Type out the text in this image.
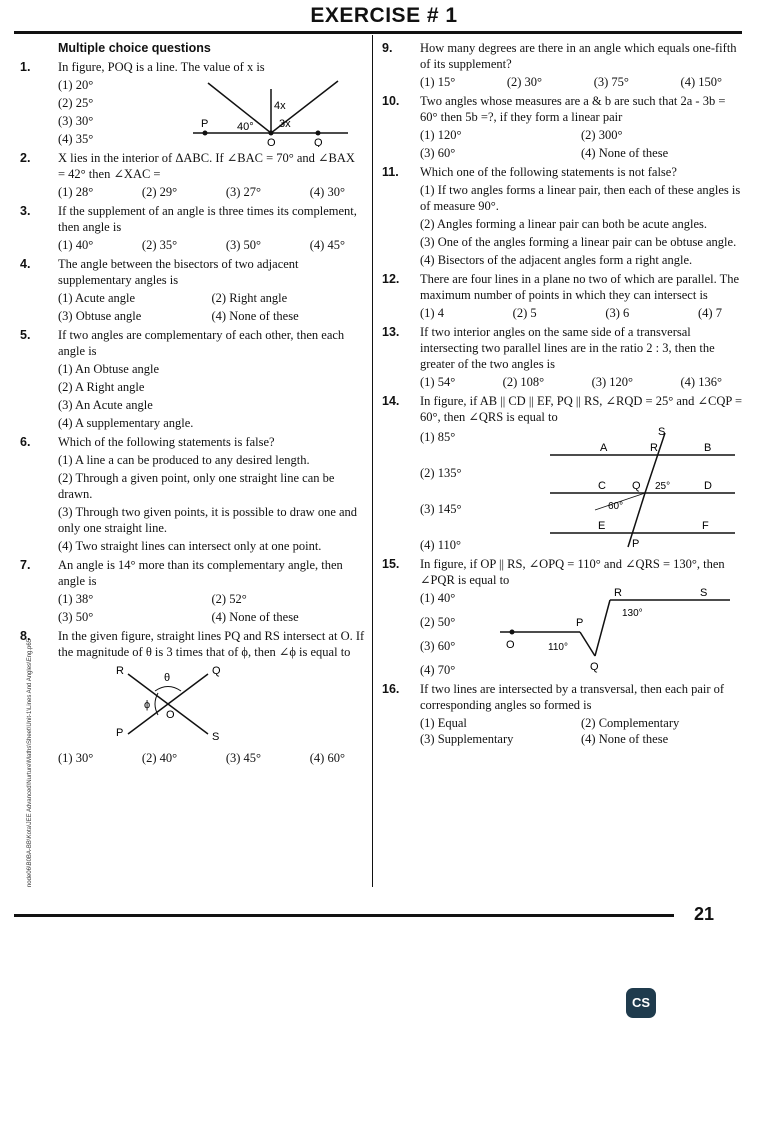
EXERCISE # 1
node06\B0BA-BB\Kota\JEE Advanced\Nurture\Maths\Sheet\Unit-1\Lines And Angles\Eng.p65
Multiple choice questions
1.	In figure, POQ is a line. The value of x is
(1) 20°
(2) 25°
(3) 30°
(4) 35°
4x
40° 3x
P
O	Q
2.	X lies in the interior of ΔABC. If ∠BAC = 70° and ∠BAX = 42° then ∠XAC =
(1) 28°	(2) 29°	(3) 27°	(4) 30°
3.	If the supplement of an angle is three times its complement, then angle is
(1) 40°	(2) 35°	(3) 50°	(4) 45°
4.	The angle between the bisectors of two adjacent supplementary angles is
(1) Acute angle	(2) Right angle
(3) Obtuse angle	(4) None of these
5.	If two angles are complementary of each other, then each angle is
(1) An Obtuse angle
(2) A Right angle
(3) An Acute angle
(4) A supplementary angle.
6.	Which of the following statements is false?
(1) A line a can be produced to any desired length.
(2) Through a given point, only one straight line can be drawn.
(3) Through two given points, it is possible to draw one and only one straight line.
(4) Two straight lines can intersect only at one point.
7.	An angle is 14° more than its complementary angle, then angle is
(1) 38°	(2) 52°
(3) 50°	(4) None of these
8.	In the given figure, straight lines PQ and RS intersect at O. If the magnitude of θ is 3 times that of ϕ, then ∠ϕ is equal to
R	Q
P	S
O
θ
ϕ
(1) 30°	(2) 40°	(3) 45°	(4) 60°
9.	How many degrees are there in an angle which equals one-fifth of its supplement?
(1) 15°	(2) 30°	(3) 75°	(4) 150°
10.	Two angles whose measures are a & b are such that 2a - 3b = 60° then 5b =?, if they form a linear pair
(1) 120°	(2) 300°
(3) 60°	(4) None of these
11.	Which one of the following statements is not false?
(1) If two angles forms a linear pair, then each of these angles is of measure 90°.
(2) Angles forming a linear pair can both be acute angles.
(3) One of the angles forming a linear pair can be obtuse angle.
(4) Bisectors of the adjacent angles form a right angle.
12.	There are four lines in a plane no two of which are parallel. The maximum number of points in which they can intersect is
(1) 4	(2) 5	(3) 6	(4) 7
13.	If two interior angles on the same side of a transversal intersecting two parallel lines are in the ratio 2 : 3, then the greater of the two angles is
(1) 54°	(2) 108°	(3) 120°	(4) 136°
14.	In figure, if AB || CD || EF, PQ || RS, ∠RQD = 25° and ∠CQP = 60°, then ∠QRS is equal to
(1) 85°
(2) 135°
(3) 145°
(4) 110°
A	R	B
S
C Q	D
25°
60°
E	F
P
15.	In figure, if OP || RS, ∠OPQ = 110° and ∠QRS = 130°, then ∠PQR is equal to
(1) 40°
(2) 50°
(3) 60°
(4) 70°
R	S
130°
P
O	110°
Q
16.	If two lines are intersected by a transversal, then each pair of corresponding angles so formed is
(1) Equal	(2) Complementary
(3) Supplementary	(4) None of these
21
CS
